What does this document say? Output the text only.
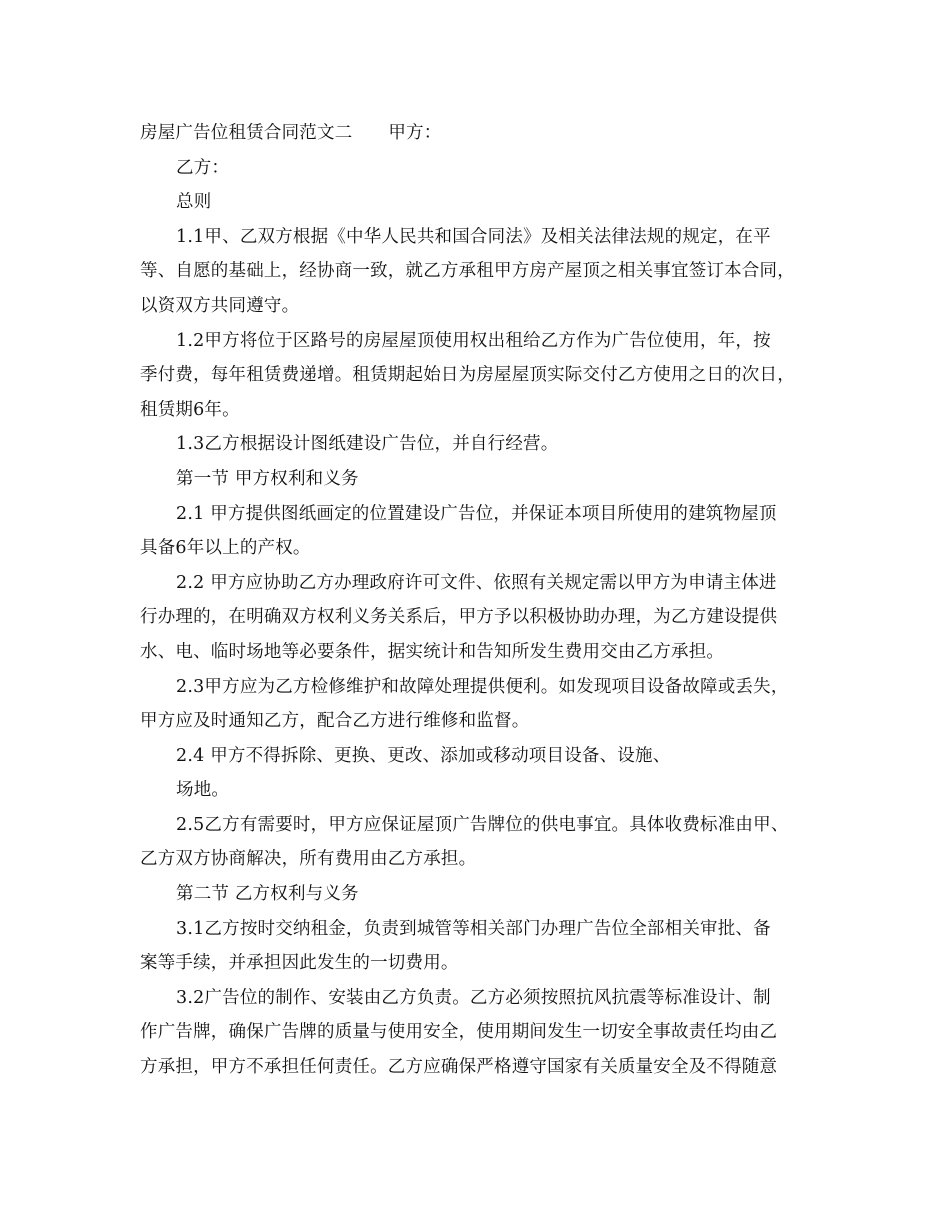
房屋广告位租赁合同范文二 甲方：
乙方：
总则
1.1甲、乙双方根据《中华人民共和国合同法》及相关法律法规的规定，在平
等、自愿的基础上，经协商一致，就乙方承租甲方房产屋顶之相关事宜签订本合同，
以资双方共同遵守。
1.2甲方将位于区路号的房屋屋顶使用权出租给乙方作为广告位使用，年，按
季付费，每年租赁费递增。租赁期起始日为房屋屋顶实际交付乙方使用之日的次日，
租赁期6年。
1.3乙方根据设计图纸建设广告位，并自行经营。
第一节 甲方权利和义务
2.1 甲方提供图纸画定的位置建设广告位，并保证本项目所使用的建筑物屋顶
具备6年以上的产权。
2.2 甲方应协助乙方办理政府许可文件、依照有关规定需以甲方为申请主体进
行办理的，在明确双方权利义务关系后，甲方予以积极协助办理，为乙方建设提供
水、电、临时场地等必要条件，据实统计和告知所发生费用交由乙方承担。
2.3甲方应为乙方检修维护和故障处理提供便利。如发现项目设备故障或丢失，
甲方应及时通知乙方，配合乙方进行维修和监督。
2.4 甲方不得拆除、更换、更改、添加或移动项目设备、设施、
场地。
2.5乙方有需要时，甲方应保证屋顶广告牌位的供电事宜。具体收费标准由甲、
乙方双方协商解决，所有费用由乙方承担。
第二节 乙方权利与义务
3.1乙方按时交纳租金，负责到城管等相关部门办理广告位全部相关审批、备
案等手续，并承担因此发生的一切费用。
3.2广告位的制作、安装由乙方负责。乙方必须按照抗风抗震等标准设计、制
作广告牌，确保广告牌的质量与使用安全，使用期间发生一切安全事故责任均由乙
方承担，甲方不承担任何责任。乙方应确保严格遵守国家有关质量安全及不得随意
